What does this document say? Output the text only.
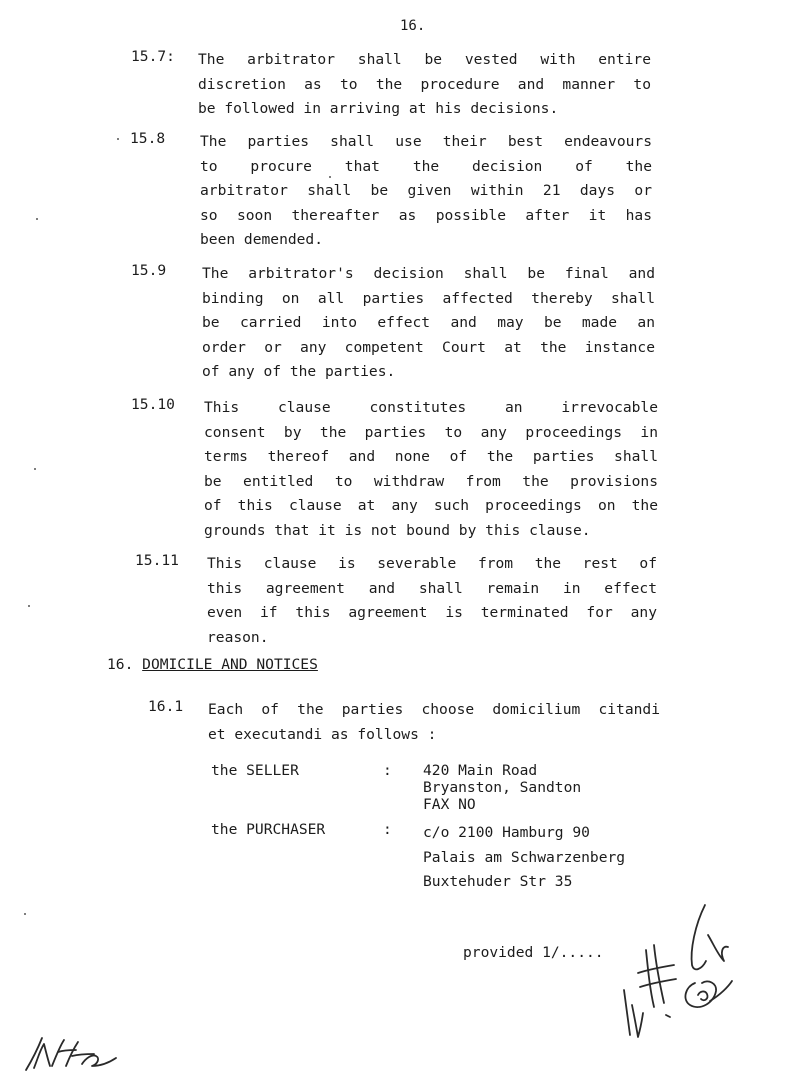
16.
15.7: The arbitrator shall be vested with entire
discretion as to the procedure and manner to
be followed in arriving at his decisions.
15.8 The parties shall use their best endeavours
to procure that the decision of the
arbitrator shall be given within 21 days or
so soon thereafter as possible after it has
been demended.
15.9 The arbitrator's decision shall be final and
binding on all parties affected thereby shall
be carried into effect and may be made an
order or any competent Court at the instance
of any of the parties.
15.10 This clause constitutes an irrevocable
consent by the parties to any proceedings in
terms thereof and none of the parties shall
be entitled to withdraw from the provisions
of this clause at any such proceedings on the
grounds that it is not bound by this clause.
15.11 This clause is severable from the rest of
this agreement and shall remain in effect
even if this agreement is terminated for any
reason.
16. DOMICILE AND NOTICES
16.1 Each of the parties choose domicilium citandi
et executandi as follows :
the SELLER	: 420 Main Road
Bryanston, Sandton
FAX NO
the PURCHASER	: c/o 2100 Hamburg 90
Palais am Schwarzenberg
Buxtehuder Str 35
provided 1/.....
